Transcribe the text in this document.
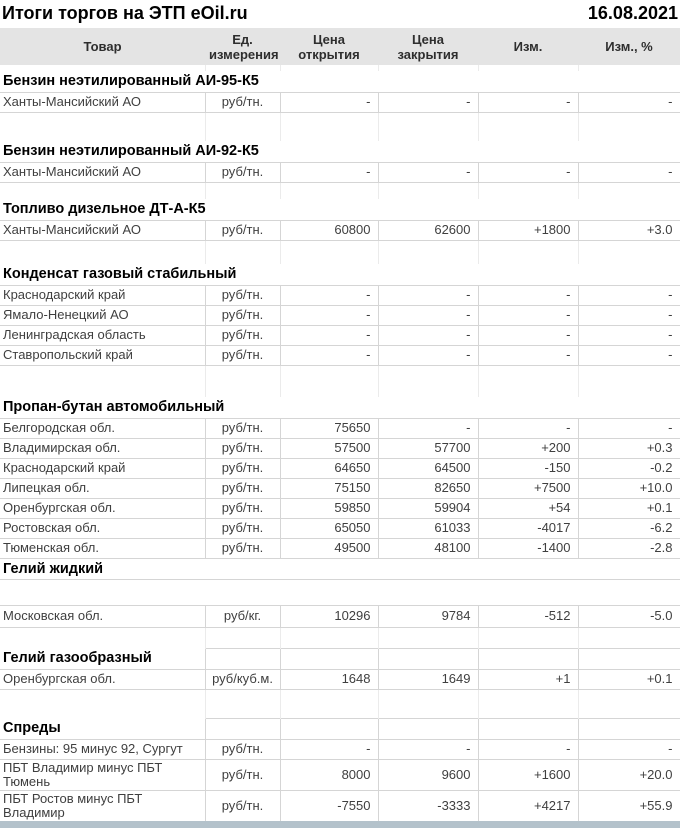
Итоги торгов на ЭТП eOil.ru	16.08.2021
Товар	Ед. измерения	Цена открытия	Цена закрытия	Изм.	Изм., %

Бензин неэтилированный АИ-95-К5					
Ханты-Мансийский АО	руб/тн.	-	-	-	-

Бензин неэтилированный АИ-92-К5					
Ханты-Мансийский АО	руб/тн.	-	-	-	-

Топливо дизельное ДТ-А-К5					
Ханты-Мансийский АО	руб/тн.	60800	62600	+1800	+3.0

Конденсат газовый стабильный					
Краснодарский край	руб/тн.	-	-	-	-
Ямало-Ненецкий АО	руб/тн.	-	-	-	-
Ленинградская область	руб/тн.	-	-	-	-
Ставропольский край	руб/тн.	-	-	-	-

Пропан-бутан автомобильный					
Белгородская обл.	руб/тн.	75650	-	-	-
Владимирская обл.	руб/тн.	57500	57700	+200	+0.3
Краснодарский край	руб/тн.	64650	64500	-150	-0.2
Липецкая обл.	руб/тн.	75150	82650	+7500	+10.0
Оренбургская обл.	руб/тн.	59850	59904	+54	+0.1
Ростовская обл.	руб/тн.	65050	61033	-4017	-6.2
Тюменская обл.	руб/тн.	49500	48100	-1400	-2.8
Гелий жидкий					

Московская обл.	руб/кг.	10296	9784	-512	-5.0

Гелий газообразный					
Оренбургская обл.	руб/куб.м.	1648	1649	+1	+0.1

Спреды					
Бензины: 95 минус 92, Сургут	руб/тн.	-	-	-	-
ПБТ Владимир минус ПБТ Тюмень	руб/тн.	8000	9600	+1600	+20.0
ПБТ Ростов минус ПБТ Владимир	руб/тн.	-7550	-3333	+4217	+55.9
